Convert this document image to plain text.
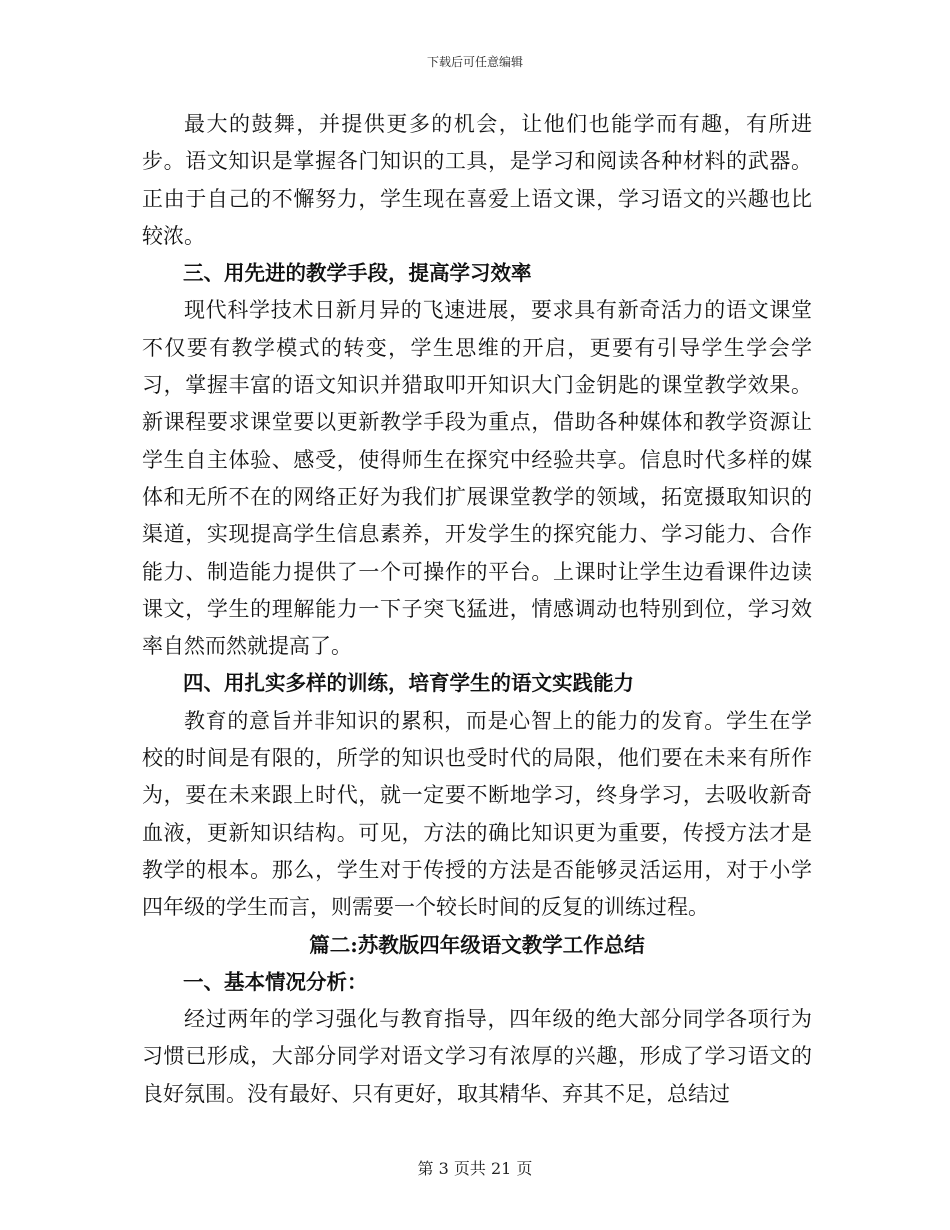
下载后可任意编辑

最大的鼓舞，并提供更多的机会，让他们也能学而有趣，有所进步。语文知识是掌握各门知识的工具，是学习和阅读各种材料的武器。正由于自己的不懈努力，学生现在喜爱上语文课，学习语文的兴趣也比较浓。

三、用先进的教学手段，提高学习效率

现代科学技术日新月异的飞速进展，要求具有新奇活力的语文课堂不仅要有教学模式的转变，学生思维的开启，更要有引导学生学会学习，掌握丰富的语文知识并猎取叩开知识大门金钥匙的课堂教学效果。新课程要求课堂要以更新教学手段为重点，借助各种媒体和教学资源让学生自主体验、感受，使得师生在探究中经验共享。信息时代多样的媒体和无所不在的网络正好为我们扩展课堂教学的领域，拓宽摄取知识的渠道，实现提高学生信息素养，开发学生的探究能力、学习能力、合作能力、制造能力提供了一个可操作的平台。上课时让学生边看课件边读课文，学生的理解能力一下子突飞猛进，情感调动也特别到位，学习效率自然而然就提高了。

四、用扎实多样的训练，培育学生的语文实践能力

教育的意旨并非知识的累积，而是心智上的能力的发育。学生在学校的时间是有限的，所学的知识也受时代的局限，他们要在未来有所作为，要在未来跟上时代，就一定要不断地学习，终身学习，去吸收新奇血液，更新知识结构。可见，方法的确比知识更为重要，传授方法才是教学的根本。那么，学生对于传授的方法是否能够灵活运用，对于小学四年级的学生而言，则需要一个较长时间的反复的训练过程。

篇二:苏教版四年级语文教学工作总结

一、基本情况分析：

经过两年的学习强化与教育指导，四年级的绝大部分同学各项行为习惯已形成，大部分同学对语文学习有浓厚的兴趣，形成了学习语文的良好氛围。没有最好、只有更好，取其精华、弃其不足，总结过

第 3 页共 21 页
